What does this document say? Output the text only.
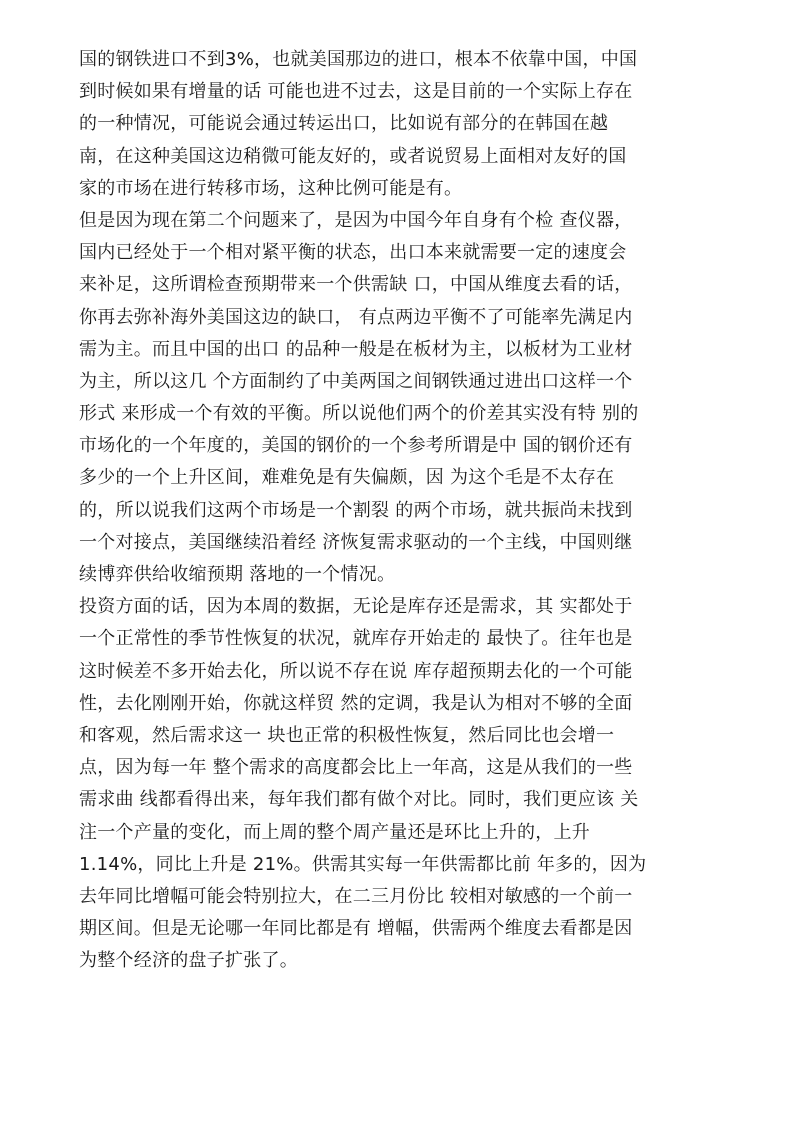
国的钢铁进口不到3%，也就美国那边的进口，根本不依靠中国，中国
到时候如果有增量的话 可能也进不过去，这是目前的一个实际上存在
的一种情况，可能说会通过转运出口，比如说有部分的在韩国在越
南，在这种美国这边稍微可能友好的，或者说贸易上面相对友好的国
家的市场在进行转移市场，这种比例可能是有。
但是因为现在第二个问题来了，是因为中国今年自身有个检 查仪器，
国内已经处于一个相对紧平衡的状态，出口本来就需要一定的速度会
来补足，这所谓检查预期带来一个供需缺 口，中国从维度去看的话，
你再去弥补海外美国这边的缺口， 有点两边平衡不了可能率先满足内
需为主。而且中国的出口 的品种一般是在板材为主，以板材为工业材
为主，所以这几 个方面制约了中美两国之间钢铁通过进出口这样一个
形式 来形成一个有效的平衡。所以说他们两个的价差其实没有特 别的
市场化的一个年度的，美国的钢价的一个参考所谓是中 国的钢价还有
多少的一个上升区间，难难免是有失偏颇，因 为这个毛是不太存在
的，所以说我们这两个市场是一个割裂 的两个市场，就共振尚未找到
一个对接点，美国继续沿着经 济恢复需求驱动的一个主线，中国则继
续博弈供给收缩预期 落地的一个情况。
投资方面的话，因为本周的数据，无论是库存还是需求，其 实都处于
一个正常性的季节性恢复的状况，就库存开始走的 最快了。往年也是
这时候差不多开始去化，所以说不存在说 库存超预期去化的一个可能
性，去化刚刚开始，你就这样贸 然的定调，我是认为相对不够的全面
和客观，然后需求这一 块也正常的积极性恢复，然后同比也会增一
点，因为每一年 整个需求的高度都会比上一年高，这是从我们的一些
需求曲 线都看得出来，每年我们都有做个对比。同时，我们更应该 关
注一个产量的变化，而上周的整个周产量还是环比上升的，上升
1.14%，同比上升是 21%。供需其实每一年供需都比前 年多的，因为
去年同比增幅可能会特别拉大，在二三月份比 较相对敏感的一个前一
期区间。但是无论哪一年同比都是有 增幅，供需两个维度去看都是因
为整个经济的盘子扩张了。
